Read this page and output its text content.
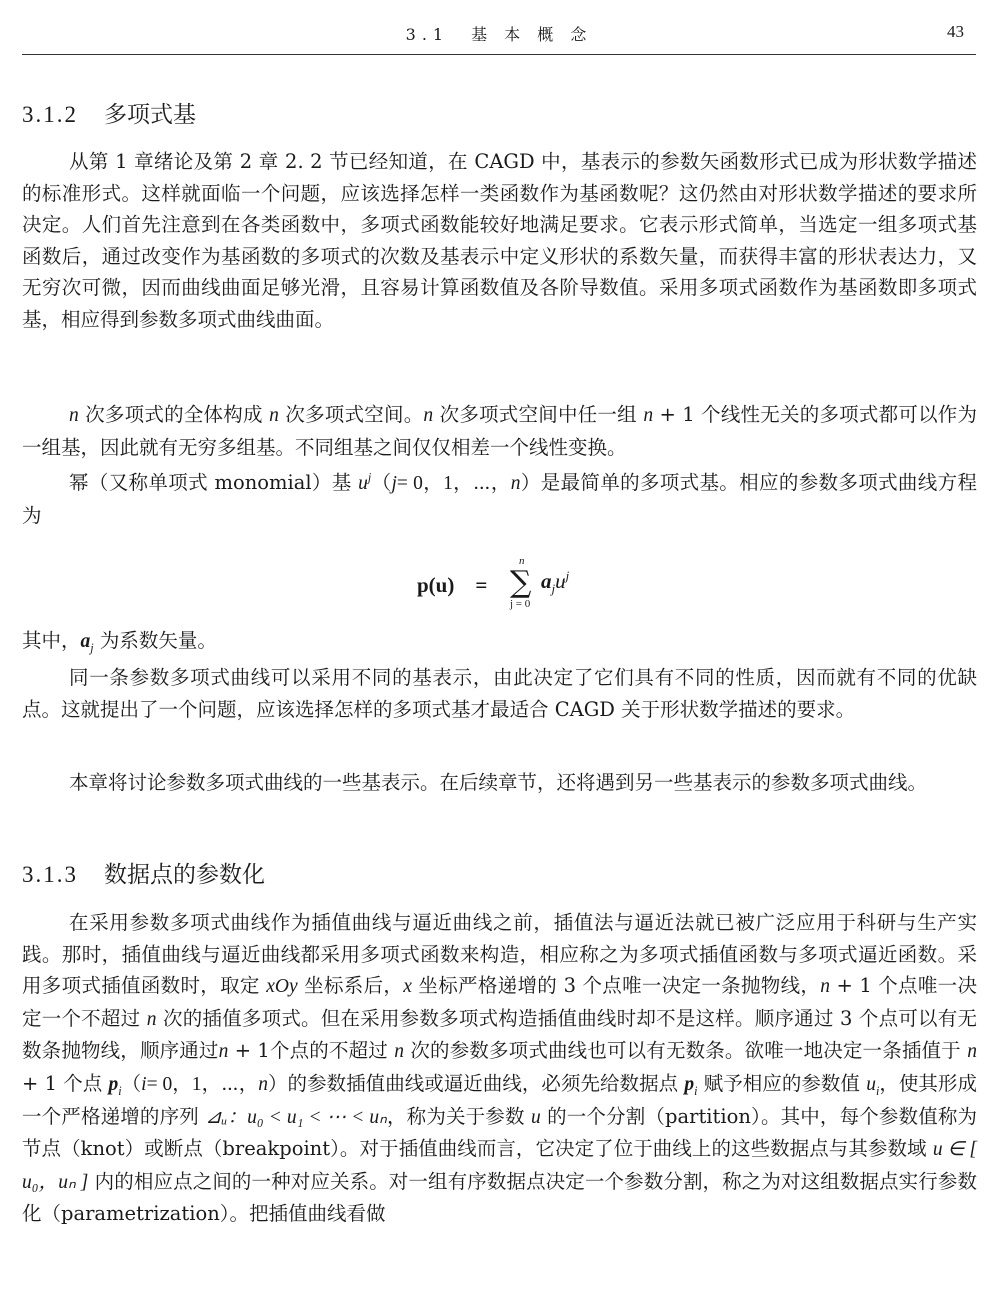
3.1　基 本 概 念	43
3.1.2 多项式基

从第 1 章绪论及第 2 章 2. 2 节已经知道，在 CAGD 中，基表示的参数矢函数形式已成为形状数学描述的标准形式。这样就面临一个问题，应该选择怎样一类函数作为基函数呢？这仍然由对形状数学描述的要求所决定。人们首先注意到在各类函数中，多项式函数能较好地满足要求。它表示形式简单，当选定一组多项式基函数后，通过改变作为基函数的多项式的次数及基表示中定义形状的系数矢量，而获得丰富的形状表达力，又无穷次可微，因而曲线曲面足够光滑，且容易计算函数值及各阶导数值。采用多项式函数作为基函数即多项式基，相应得到参数多项式曲线曲面。

n 次多项式的全体构成 n 次多项式空间。n 次多项式空间中任一组 n + 1 个线性无关的多项式都可以作为一组基，因此就有无穷多组基。不同组基之间仅仅相差一个线性变换。

幂（又称单项式 monomial）基 $u^j(j= 0$，1，⋯，n）是最简单的多项式基。相应的参数多项式曲线方程为

p(u)　=
n
∑
j = 0
$a_ju^j$

其中，$a_j$ 为系数矢量。

同一条参数多项式曲线可以采用不同的基表示，由此决定了它们具有不同的性质，因而就有不同的优缺点。这就提出了一个问题，应该选择怎样的多项式基才最适合 CAGD 关于形状数学描述的要求。

本章将讨论参数多项式曲线的一些基表示。在后续章节，还将遇到另一些基表示的参数多项式曲线。

3.1.3 数据点的参数化

在采用参数多项式曲线作为插值曲线与逼近曲线之前，插值法与逼近法就已被广泛应用于科研与生产实践。那时，插值曲线与逼近曲线都采用多项式函数来构造，相应称之为多项式插值函数与多项式逼近函数。采用多项式插值函数时，取定 xOy 坐标系后，x 坐标严格递增的 3 个点唯一决定一条抛物线，n + 1 个点唯一决定一个不超过 n 次的插值多项式。但在采用参数多项式构造插值曲线时却不是这样。顺序通过 3 个点可以有无数条抛物线，顺序通过n + 1个点的不超过 n 次的参数多项式曲线也可以有无数条。欲唯一地决定一条插值于 n + 1 个点 $p_i(i= 0$，1，⋯，n）的参数插值曲线或逼近曲线，必须先给数据点 $p_i$ 赋予相应的参数值 $u_i$，使其形成一个严格递增的序列 ⊿ᵤ：u₀ < u₁ < ⋯ < uₙ，称为关于参数 u 的一个分割（partition）。其中，每个参数值称为节点（knot）或断点（breakpoint）。对于插值曲线而言，它决定了位于曲线上的这些数据点与其参数域 u ∈ [ u₀，uₙ ] 内的相应点之间的一种对应关系。对一组有序数据点决定一个参数分割，称之为对这组数据点实行参数化（parametrization）。把插值曲线看做
